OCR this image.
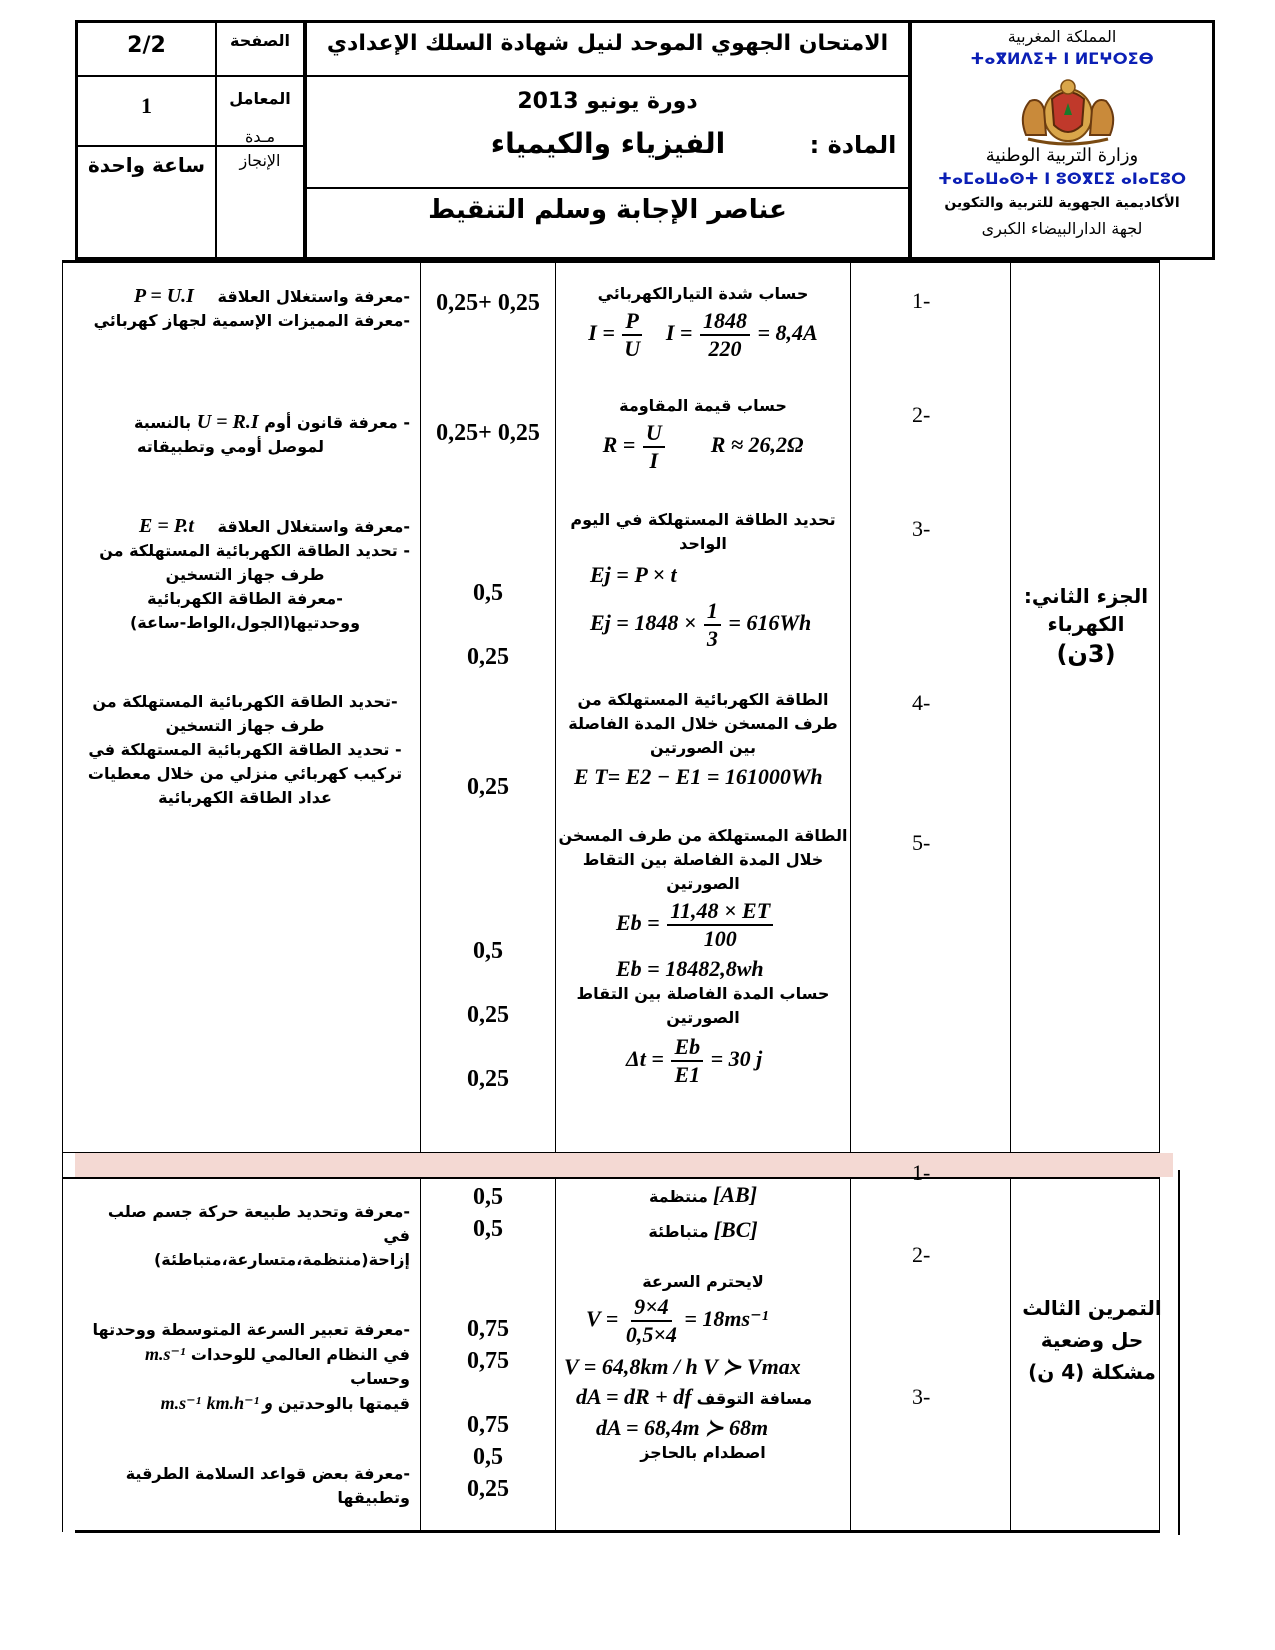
2/2	الصفحة
1	المعامل
ساعة واحدة
مـدة
الإنجاز
الامتحان الجهوي الموحد لنيل شهادة السلك الإعدادي
دورة يونيو 2013
المادة :
الفيزياء والكيمياء
عناصر الإجابة وسلم التنقيط
المملكة المغربية
ⵜⴰⴳⵍⴷⵉⵜ ⵏ ⵍⵎⵖⵔⵉⴱ
وزارة التربية الوطنية
ⵜⴰⵎⴰⵡⴰⵙⵜ ⵏ ⵓⵙⴳⵎⵉ ⴰⵏⴰⵎⵓⵔ
الأكاديمية الجهوية للتربية والتكوين
لجهة الدارالبيضاء الكبرى
الجزء الثاني:
الكهرباء
(3ن)
1-
2-
3-
4-
5-
حساب شدة التيارالكهربائي
$I = \frac{P}{U}$ $I = \frac{1848}{220} = 8,4A$
حساب قيمة المقاومة
$R = \frac{U}{I}$ R ≈ 26,2Ω
تحديد الطاقة المستهلكة في اليوم
الواحد
Ej = P × t
$Ej = 1848 \times \frac{1}{3} = 616Wh$
الطاقة الكهربائية المستهلكة من
طرف المسخن خلال المدة الفاصلة
بين الصورتين
E T= E2 − E1 = 161000Wh
الطاقة المستهلكة من طرف المسخن
خلال المدة الفاصلة بين التقاط
الصورتين
$Eb = \frac{11,48 \times ET}{100}$
Eb = 18482,8wh
حساب المدة الفاصلة بين التقاط
الصورتين
$\Delta t = \frac{Eb}{E1} = 30$ j
0,25+ 0,25
0,25+ 0,25
0,5
0,25
0,25
0,5
0,25
0,25
-معرفة واستغلال العلاقة P = U.I
-معرفة المميزات الإسمية لجهاز كهربائي
- معرفة قانون أوم U = R.I بالنسبة
لموصل أومي وتطبيقاته
-معرفة واستغلال العلاقة E = P.t
- تحديد الطاقة الكهربائية المستهلكة من
طرف جهاز التسخين
-معرفة الطاقة الكهربائية
ووحدتيها(الجول،الواط-ساعة)
-تحديد الطاقة الكهربائية المستهلكة من
طرف جهاز التسخين
- تحديد الطاقة الكهربائية المستهلكة في
تركيب كهربائي منزلي من خلال معطيات
عداد الطاقة الكهربائية
التمرين الثالث
حل وضعية
مشكلة (4 ن)
1-
2-
3-
منتظمة [AB]
متباطئة [BC]
لايحترم السرعة
$V = \frac{9\times 4}{0,5\times 4} = 18ms^{-1}$
V = 64,8km / h V ≻ Vmax
dA = dR + df مسافة التوقف
dA = 68,4m ≻ 68m
اصطدام بالحاجز
0,5
0,5
0,75
0,75
0,75
0,5
0,25
-معرفة وتحديد طبيعة حركة جسم صلب في
إزاحة(منتظمة،متسارعة،متباطئة)
-معرفة تعبير السرعة المتوسطة ووحدتها
في النظام العالمي للوحدات m.s⁻¹ وحساب
قيمتها بالوحدتين و m.s⁻¹ km.h⁻¹
-معرفة بعض قواعد السلامة الطرقية
وتطبيقها
